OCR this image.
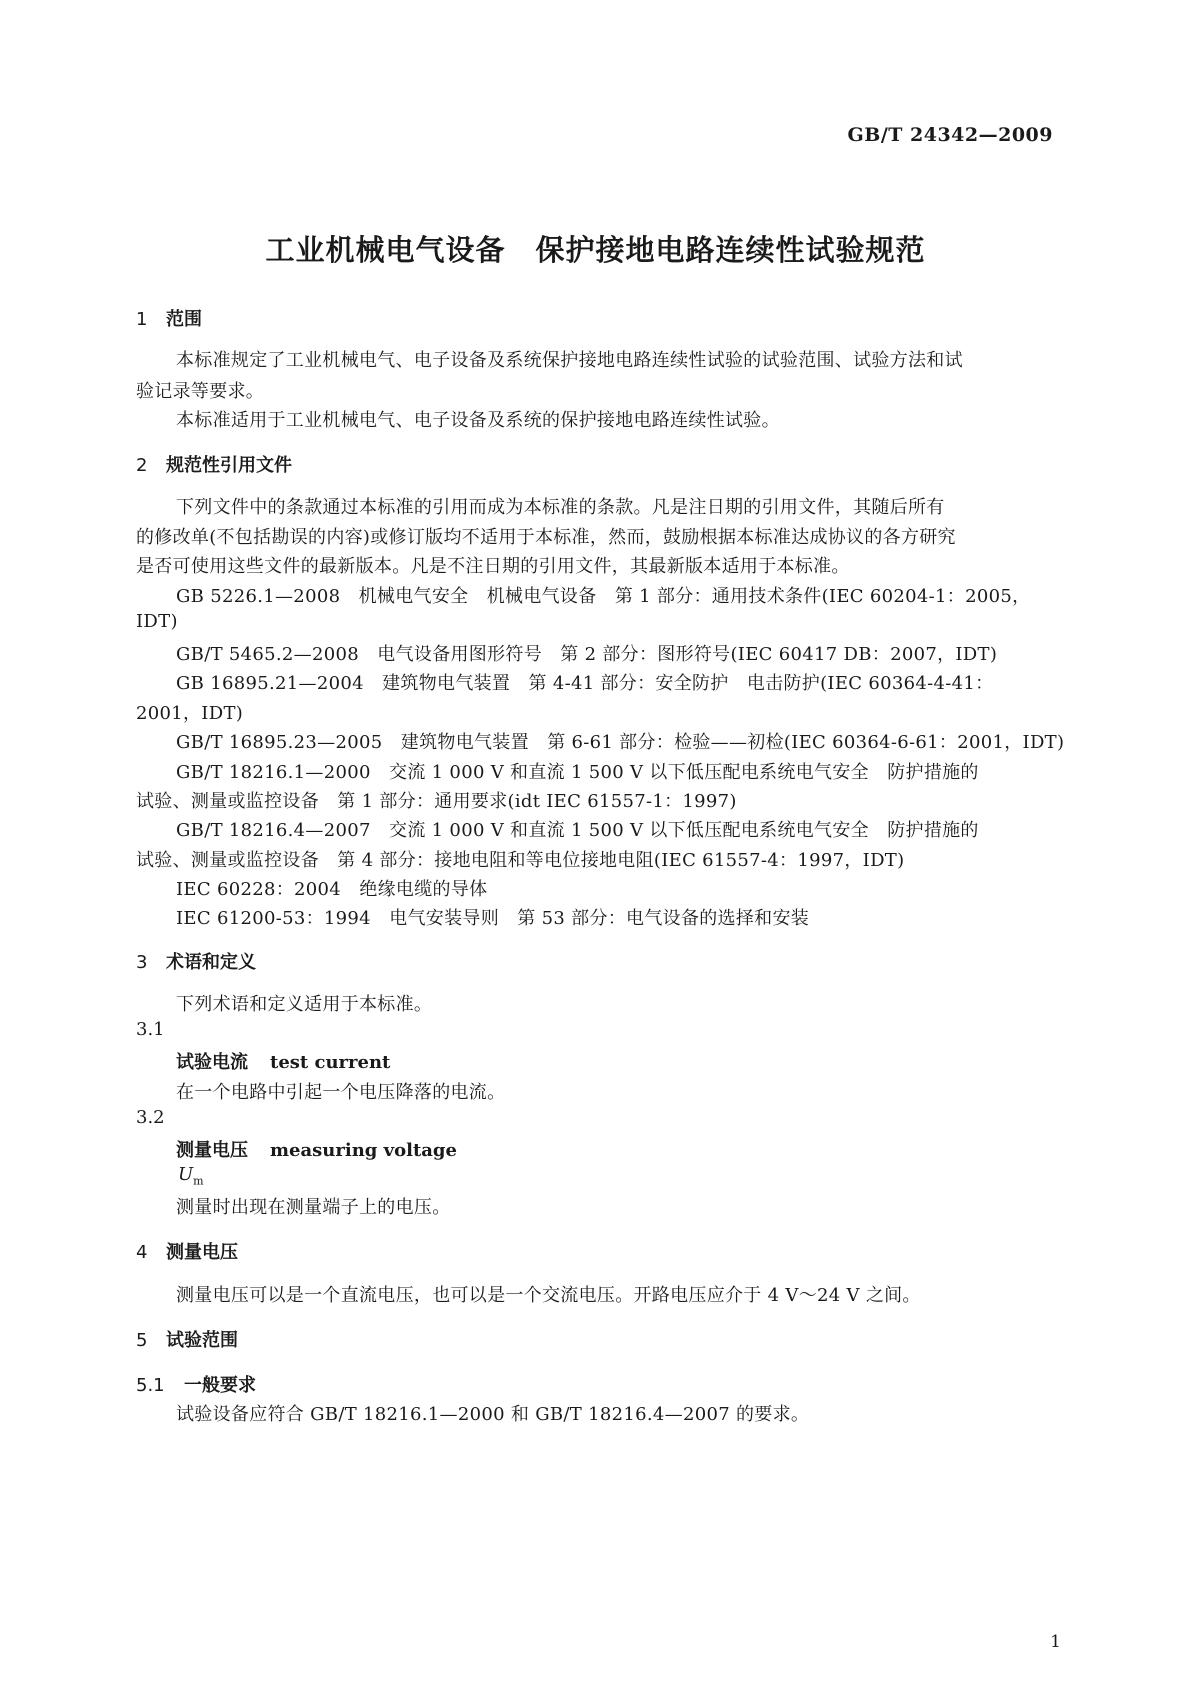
GB/T 24342—2009
工业机械电气设备　保护接地电路连续性试验规范
1 范围
本标准规定了工业机械电气、电子设备及系统保护接地电路连续性试验的试验范围、试验方法和试
验记录等要求。
本标准适用于工业机械电气、电子设备及系统的保护接地电路连续性试验。
2 规范性引用文件
下列文件中的条款通过本标准的引用而成为本标准的条款。凡是注日期的引用文件，其随后所有
的修改单(不包括勘误的内容)或修订版均不适用于本标准，然而，鼓励根据本标准达成协议的各方研究
是否可使用这些文件的最新版本。凡是不注日期的引用文件，其最新版本适用于本标准。
GB 5226.1—2008　机械电气安全　机械电气设备　第 1 部分：通用技术条件(IEC 60204-1：2005，
IDT)
GB/T 5465.2—2008　电气设备用图形符号　第 2 部分：图形符号(IEC 60417 DB：2007，IDT)
GB 16895.21—2004　建筑物电气装置　第 4-41 部分：安全防护　电击防护(IEC 60364-4-41：
2001，IDT)
GB/T 16895.23—2005　建筑物电气装置　第 6-61 部分：检验——初检(IEC 60364-6-61：2001，IDT)
GB/T 18216.1—2000　交流 1 000 V 和直流 1 500 V 以下低压配电系统电气安全　防护措施的
试验、测量或监控设备　第 1 部分：通用要求(idt IEC 61557-1：1997)
GB/T 18216.4—2007　交流 1 000 V 和直流 1 500 V 以下低压配电系统电气安全　防护措施的
试验、测量或监控设备　第 4 部分：接地电阻和等电位接地电阻(IEC 61557-4：1997，IDT)
IEC 60228：2004　绝缘电缆的导体
IEC 61200-53：1994　电气安装导则　第 53 部分：电气设备的选择和安装
3 术语和定义
下列术语和定义适用于本标准。
3.1
试验电流 test current
在一个电路中引起一个电压降落的电流。
3.2
测量电压 measuring voltage
$U_m$
测量时出现在测量端子上的电压。
4 测量电压
测量电压可以是一个直流电压，也可以是一个交流电压。开路电压应介于 4 V～24 V 之间。
5 试验范围
5.1 一般要求
试验设备应符合 GB/T 18216.1—2000 和 GB/T 18216.4—2007 的要求。
1
